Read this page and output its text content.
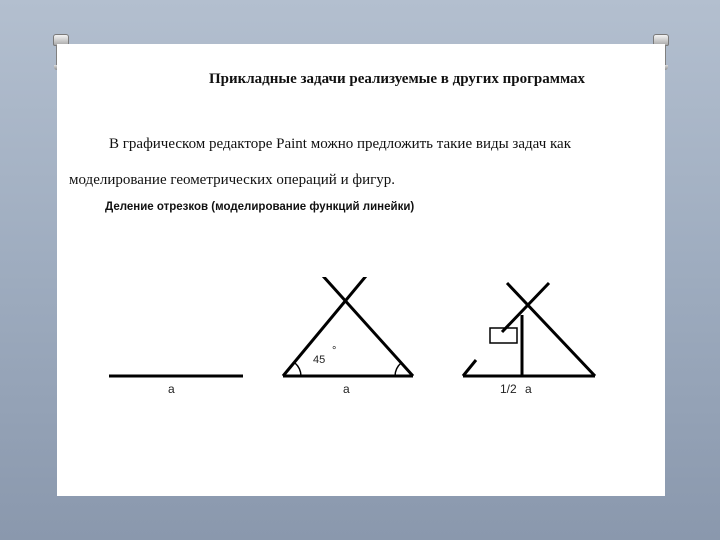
Прикладные задачи реализуемые в других программах

В графическом редакторе Paint можно предложить такие виды задач как моделирование геометрических операций и фигур.

Деление отрезков (моделирование функций линейки)
a
45
°
a	1/2 a
